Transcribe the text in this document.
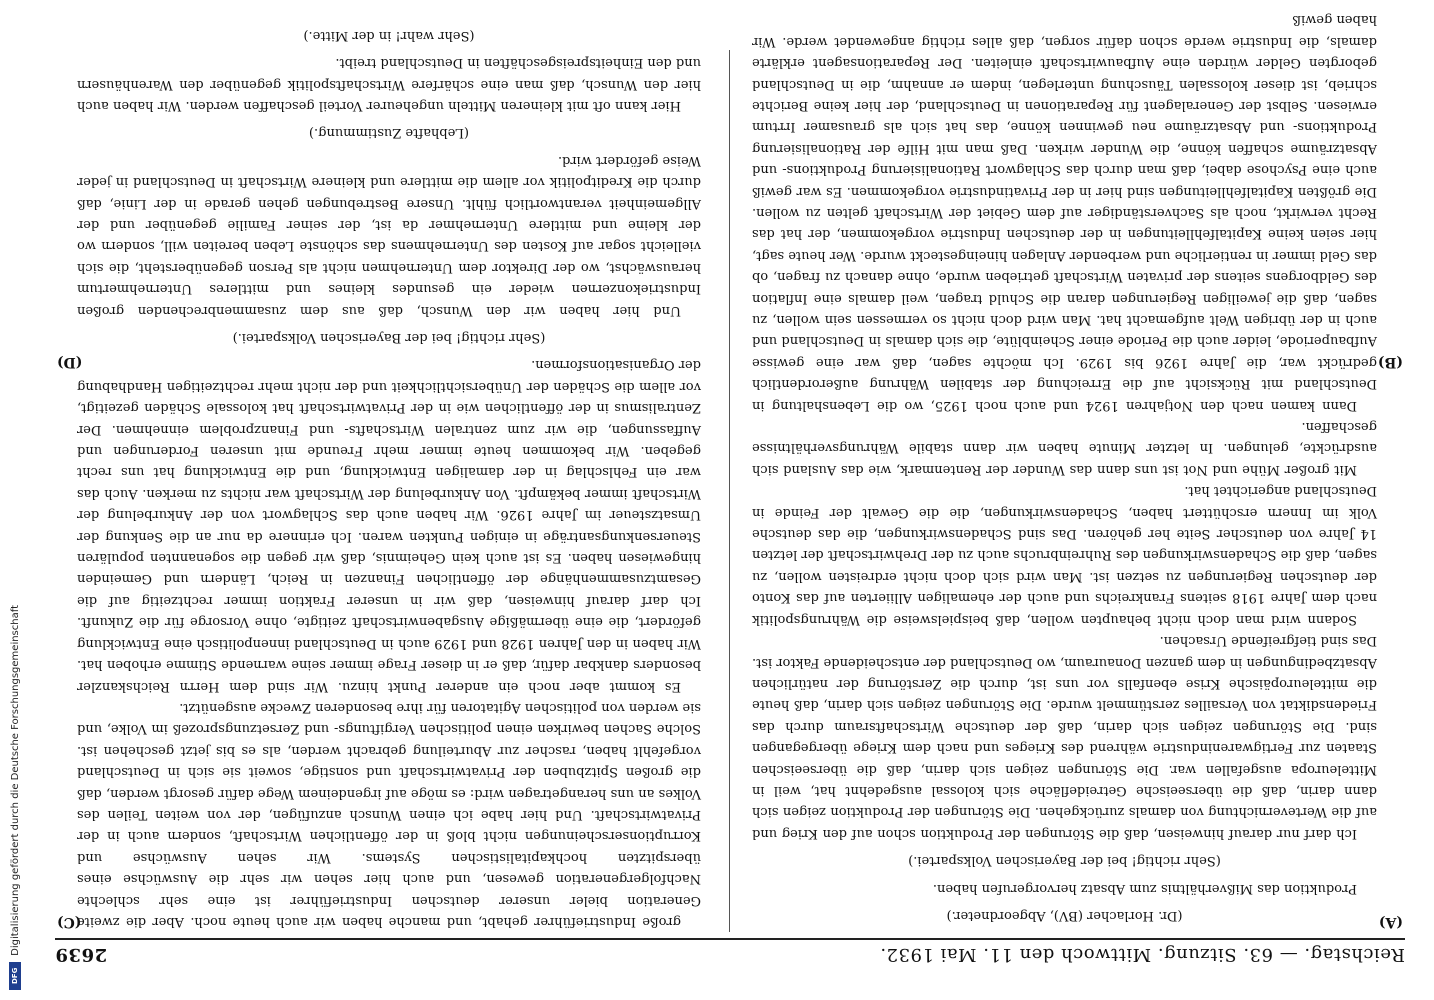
Reichstag. — 63. Sitzung. Mittwoch den 11. Mai 1932.
2639
(A)
(B)

(Dr. Horlacher (BV), Abgeordneter.)

Produktion das Mißverhältnis zum Absatz hervorgerufen haben.

(Sehr richtig! bei der Bayerischen Volkspartei.)

Ich darf nur darauf hinweisen, daß die Störungen der Produktion schon auf den Krieg und auf die Wertevernichtung von damals zurückgehen. Die Störungen der Produktion zeigen sich dann darin, daß die überseeische Getreidefläche sich kolossal ausgedehnt hat, weil in Mitteleuropa ausgefallen war. Die Störungen zeigen sich darin, daß die überseeischen Staaten zur Fertigwarenindustrie während des Krieges und nach dem Kriege übergegangen sind. Die Störungen zeigen sich darin, daß der deutsche Wirtschaftsraum durch das Friedensdiktat von Versailles zerstümmelt wurde. Die Störungen zeigen sich darin, daß heute die mitteleuropäische Krise ebenfalls vor uns ist, durch die Zerstörung der natürlichen Absatzbedingungen in dem ganzen Donauraum, wo Deutschland der entscheidende Faktor ist. Das sind tiefgreifende Ursachen.

Sodann wird man doch nicht behaupten wollen, daß beispielsweise die Währungspolitik nach dem Jahre 1918 seitens Frankreichs und auch der ehemaligen Alliierten auf das Konto der deutschen Regierungen zu setzen ist. Man wird sich doch nicht erdreisten wollen, zu sagen, daß die Schadenswirkungen des Ruhreinbruchs auch zu der Drehwirtschaft der letzten 14 Jahre von deutscher Seite her gehören. Das sind Schadenswirkungen, die das deutsche Volk im Innern erschüttert haben, Schadenswirkungen, die die Gewalt der Feinde in Deutschland angerichtet hat.

Mit großer Mühe und Not ist uns dann das Wunder der Rentenmark, wie das Ausland sich ausdrückte, gelungen. In letzter Minute haben wir dann stabile Währungsverhältnisse geschaffen.

Dann kamen nach den Notjahren 1924 und auch noch 1925, wo die Lebenshaltung in Deutschland mit Rücksicht auf die Erreichung der stabilen Währung außerordentlich gedrückt war, die Jahre 1926 bis 1929. Ich möchte sagen, daß war eine gewisse Aufbauperiode, leider auch die Periode einer Scheinblüte, die sich damals in Deutschland und auch in der übrigen Welt aufgemacht hat. Man wird doch nicht so vermessen sein wollen, zu sagen, daß die jeweiligen Regierungen daran die Schuld tragen, weil damals eine Inflation des Geldborgens seitens der privaten Wirtschaft getrieben wurde, ohne danach zu fragen, ob das Geld immer in rentierliche und werbender Anlagen hineingesteckt wurde. Wer heute sagt, hier seien keine Kapitalfehlleitungen in der deutschen Industrie vorgekommen, der hat das Recht verwirkt, noch als Sachverständiger auf dem Gebiet der Wirtschaft gelten zu wollen. Die größten Kapitalfehlleitungen sind hier in der Privatindustrie vorgekommen. Es war gewiß auch eine Psychose dabei, daß man durch das Schlagwort Rationalisierung Produktions- und Absatzräume schaffen könne, die Wunder wirken. Daß man mit Hilfe der Rationalisierung Produktions- und Absatzräume neu gewinnen könne, das hat sich als grausamer Irrtum erwiesen. Selbst der Generalagent für Reparationen in Deutschland, der hier keine Berichte schrieb, ist dieser kolossalen Täuschung unterlegen, indem er annahm, die in Deutschland geborgten Gelder würden eine Aufbauwirtschaft einleiten. Der Reparationsagent erklärte damals, die Industrie werde schon dafür sorgen, daß alles richtig angewendet werde. Wir haben gewiß

(C)
(D)

große Industrieführer gehabt, und manche haben wir auch heute noch. Aber die zweite Generation bieler unserer deutschen Industrieführer ist eine sehr schlechte Nachfolgergeneration gewesen, und auch hier sehen wir sehr die Auswüchse eines überspitzten hochkapitalistischen Systems. Wir sehen Auswüchse und Korruptionserscheinungen nicht bloß in der öffentlichen Wirtschaft, sondern auch in der Privatwirtschaft. Und hier habe ich einen Wunsch anzufügen, der von weiten Teilen des Volkes an uns herangetragen wird: es möge auf irgendeinem Wege dafür gesorgt werden, daß die großen Spitzbuben der Privatwirtschaft und sonstige, soweit sie sich in Deutschland vorgefehlt haben, rascher zur Aburteilung gebracht werden, als es bis jetzt geschehen ist. Solche Sachen bewirken einen politischen Vergiftungs- und Zersetzungsprozeß im Volke, und sie werden von politischen Agitatoren für ihre besonderen Zwecke ausgenützt.

Es kommt aber noch ein anderer Punkt hinzu. Wir sind dem Herrn Reichskanzler besonders dankbar dafür, daß er in dieser Frage immer seine warnende Stimme erhoben hat. Wir haben in den Jahren 1928 und 1929 auch in Deutschland innenpolitisch eine Entwicklung gefördert, die eine übermäßige Ausgabenwirtschaft zeitigte, ohne Vorsorge für die Zukunft. Ich darf darauf hinweisen, daß wir in unserer Fraktion immer rechtzeitig auf die Gesamtzusammenhänge der öffentlichen Finanzen in Reich, Ländern und Gemeinden hingewiesen haben. Es ist auch kein Geheimnis, daß wir gegen die sogenannten populären Steuersenkungsanträge in einigen Punkten waren. Ich erinnere da nur an die Senkung der Umsatzsteuer im Jahre 1926. Wir haben auch das Schlagwort von der Ankurbelung der Wirtschaft immer bekämpft. Von Ankurbelung der Wirtschaft war nichts zu merken. Auch das war ein Fehlschlag in der damaligen Entwicklung, und die Entwicklung hat uns recht gegeben. Wir bekommen heute immer mehr Freunde mit unseren Forderungen und Auffassungen, die wir zum zentralen Wirtschafts- und Finanzproblem einnehmen. Der Zentralismus in der öffentlichen wie in der Privatwirtschaft hat kolossale Schäden gezeitigt, vor allem die Schäden der Unübersichtlichkeit und der nicht mehr rechtzeitigen Handhabung der Organisationsformen.

(Sehr richtig! bei der Bayerischen Volkspartei.)

Und hier haben wir den Wunsch, daß aus dem zusammenbrechenden großen Industriekonzernen wieder ein gesundes kleines und mittleres Unternehmertum herauswächst, wo der Direktor dem Unternehmen nicht als Person gegenübersteht, die sich vielleicht sogar auf Kosten des Unternehmens das schönste Leben bereiten will, sondern wo der kleine und mittlere Unternehmer da ist, der seiner Familie gegenüber und der Allgemeinheit verantwortlich fühlt. Unsere Bestrebungen gehen gerade in der Linie, daß durch die Kreditpolitik vor allem die mittlere und kleinere Wirtschaft in Deutschland in jeder Weise gefördert wird.

(Lebhafte Zustimmung.)

Hier kann oft mit kleineren Mitteln ungeheurer Vorteil geschaffen werden. Wir haben auch hier den Wunsch, daß man eine schärfere Wirtschaftspolitik gegenüber den Warenhäusern und den Einheitspreisgeschäften in Deutschland treibt.

(Sehr wahr! in der Mitte.)

Digitalisierung gefördert durch die Deutsche Forschungsgemeinschaft
DFG
